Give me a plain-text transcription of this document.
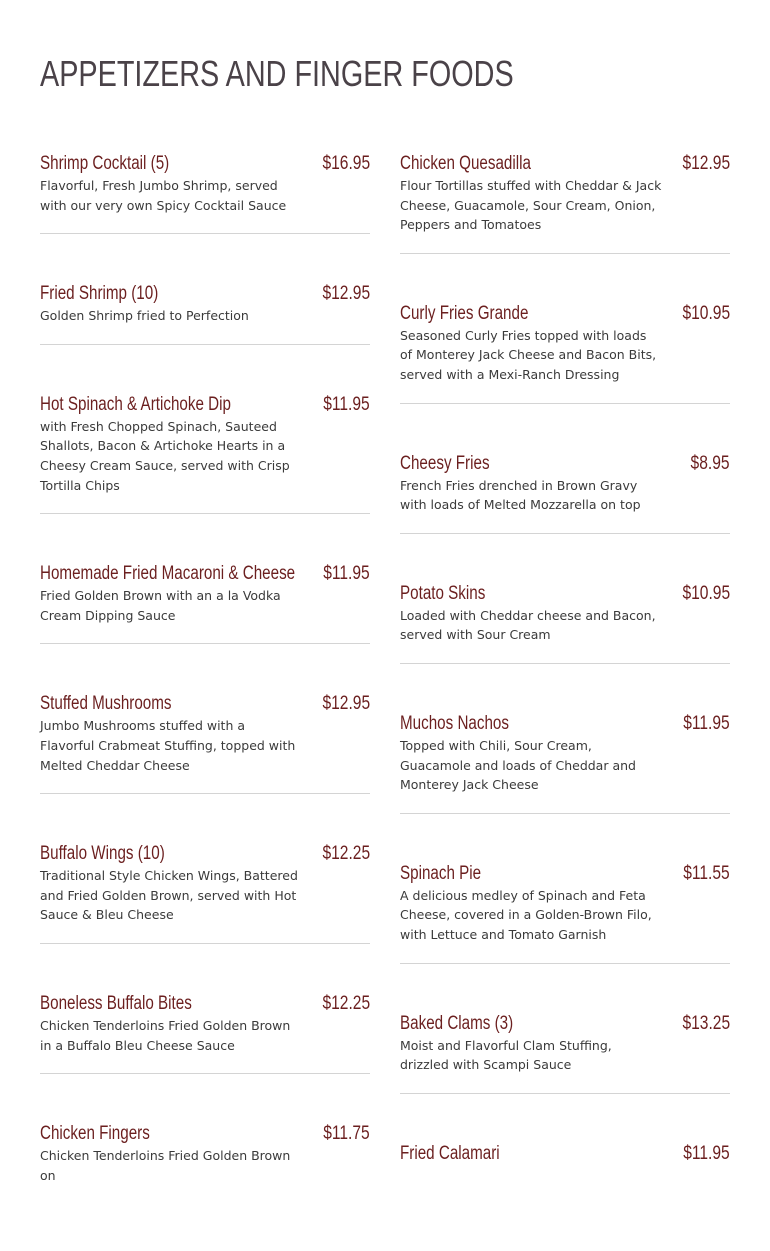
APPETIZERS AND FINGER FOODS
Shrimp Cocktail (5)	$16.95
Flavorful, Fresh Jumbo Shrimp, served with our very own Spicy Cocktail Sauce
Fried Shrimp (10)	$12.95
Golden Shrimp fried to Perfection
Hot Spinach & Artichoke Dip	$11.95
with Fresh Chopped Spinach, Sauteed Shallots, Bacon & Artichoke Hearts in a Cheesy Cream Sauce, served with Crisp Tortilla Chips
Homemade Fried Macaroni & Cheese $11.95
Fried Golden Brown with an a la Vodka Cream Dipping Sauce
Stuffed Mushrooms	$12.95
Jumbo Mushrooms stuffed with a Flavorful Crabmeat Stuffing, topped with Melted Cheddar Cheese
Buffalo Wings (10)	$12.25
Traditional Style Chicken Wings, Battered and Fried Golden Brown, served with Hot Sauce & Bleu Cheese
Boneless Buffalo Bites	$12.25
Chicken Tenderloins Fried Golden Brown in a Buffalo Bleu Cheese Sauce
Chicken Fingers	$11.75
Chicken Tenderloins Fried Golden Brown on
Chicken Quesadilla	$12.95
Flour Tortillas stuffed with Cheddar & Jack Cheese, Guacamole, Sour Cream, Onion, Peppers and Tomatoes
Curly Fries Grande	$10.95
Seasoned Curly Fries topped with loads of Monterey Jack Cheese and Bacon Bits, served with a Mexi-Ranch Dressing
Cheesy Fries	$8.95
French Fries drenched in Brown Gravy with loads of Melted Mozzarella on top
Potato Skins	$10.95
Loaded with Cheddar cheese and Bacon, served with Sour Cream
Muchos Nachos	$11.95
Topped with Chili, Sour Cream, Guacamole and loads of Cheddar and Monterey Jack Cheese
Spinach Pie	$11.55
A delicious medley of Spinach and Feta Cheese, covered in a Golden-Brown Filo, with Lettuce and Tomato Garnish
Baked Clams (3)	$13.25
Moist and Flavorful Clam Stuffing, drizzled with Scampi Sauce
Fried Calamari	$11.95
